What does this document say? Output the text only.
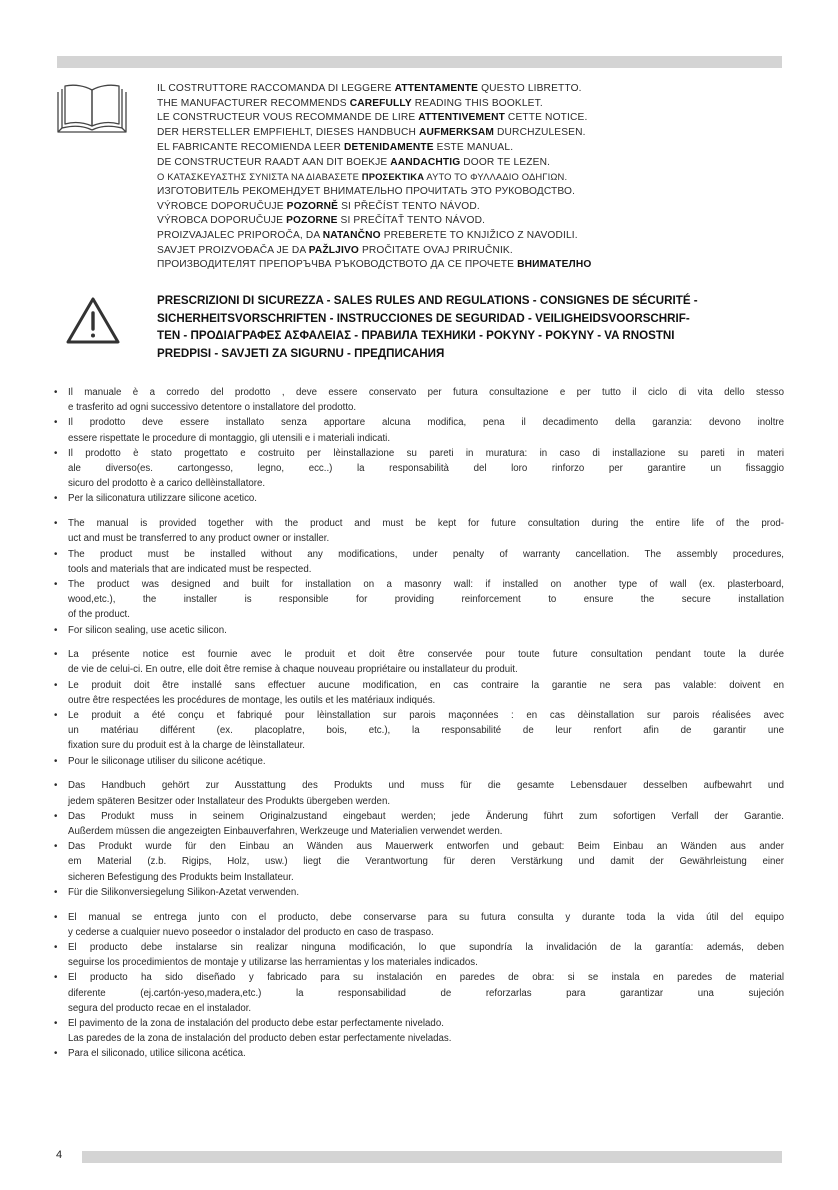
IL COSTRUTTORE RACCOMANDA DI LEGGERE ATTENTAMENTE QUESTO LIBRETTO.
THE MANUFACTURER RECOMMENDS CAREFULLY READING THIS BOOKLET.
LE CONSTRUCTEUR VOUS RECOMMANDE DE LIRE ATTENTIVEMENT CETTE NOTICE.
DER HERSTELLER EMPFIEHLT, DIESES HANDBUCH AUFMERKSAM DURCHZULESEN.
EL FABRICANTE RECOMIENDA LEER DETENIDAMENTE ESTE MANUAL.
DE CONSTRUCTEUR RAADT AAN DIT BOEKJE AANDACHTIG DOOR TE LEZEN.
Ο ΚΑΤΑΣΚΕΥΑΣΤΗΣ ΣΥΝΙΣΤΑ ΝΑ ΔΙΑΒΑΣΕΤΕ ΠΡΟΣΕΚΤΙΚΑ ΑΥΤΟ ΤΟ ΦΥΛΛΑΔΙΟ ΟΔΗΓΙΩΝ.
ИЗГОТОВИТЕЛЬ РЕКОМЕНДУЕТ ВНИМАТЕЛЬНО ПРОЧИТАТЬ ЭТО РУКОВОДСТВО.
VÝROBCE DOPORUČUJE POZORNĚ SI PŘEČÍST TENTO NÁVOD.
VÝROBCA DOPORUČUJE POZORNE SI PREČÍTAŤ TENTO NÁVOD.
PROIZVAJALEC PRIPOROČA, DA NATANČNO PREBERETE TO KNJIŽICO Z NAVODILI.
SAVJET PROIZVOĐAČA JE DA PAŽLJIVO PROČITATE OVAJ PRIRUČNIK.
ПРОИЗВОДИТЕЛЯТ ПРЕПОРЪЧВА РЪКОВОДСТВОТО ДА СЕ ПРОЧЕТЕ ВНИМАТЕЛНО
PRESCRIZIONI DI SICUREZZA - SALES RULES AND REGULATIONS - CONSIGNES DE SÉCURITÉ -
SICHERHEITSVORSCHRIFTEN - INSTRUCCIONES DE SEGURIDAD - VEILIGHEIDSVOORSCHRIF-
TEN - ΠΡΟΔΙΑΓΡΑΦΕΣ ΑΣΦΑΛΕΙΑΣ - ПРАВИЛА ТЕХНИКИ - POKYNY - POKYNY - VA RNOSTNI
PREDPISI - SAVJETI ZA SIGURNU - ПРЕДПИСАНИЯ
•	Il manuale è a corredo del prodotto , deve essere conservato per futura consultazione e per tutto il ciclo di vita dello stesso
e trasferito ad ogni successivo detentore o installatore del prodotto.
•	Il prodotto deve essere installato senza apportare alcuna modifica, pena il decadimento della garanzia: devono inoltre
essere rispettate le procedure di montaggio, gli utensili e i materiali indicati.
•	Il prodotto è stato progettato e costruito per lèinstallazione su pareti in muratura: in caso di installazione su pareti in materi
ale diverso(es. cartongesso, legno, ecc..) la responsabilità del loro rinforzo per garantire un fissaggio
sicuro del prodotto è a carico dellèinstallatore.
•	Per la siliconatura utilizzare silicone acetico.
•	The manual is provided together with the product and must be kept for future consultation during the entire life of the prod-
uct and must be transferred to any product owner or installer.
•	The product must be installed without any modifications, under penalty of warranty cancellation. The assembly procedures,
tools and materials that are indicated must be respected.
•	The product was designed and built for installation on a masonry wall: if installed on another type of wall (ex. plasterboard,
wood,etc.), the installer is responsible for providing reinforcement to ensure the secure installation
of the product.
•	For silicon sealing, use acetic silicon.
•	La présente notice est fournie avec le produit et doit être conservée pour toute future consultation pendant toute la durée
de vie de celui-ci. En outre, elle doit être remise à chaque nouveau propriétaire ou installateur du produit.
•	Le produit doit être installé sans effectuer aucune modification, en cas contraire la garantie ne sera pas valable: doivent en
outre être respectées les procédures de montage, les outils et les matériaux indiqués.
•	Le produit a été conçu et fabriqué pour lèinstallation sur parois maçonnées : en cas dèinstallation sur parois réalisées avec
un matériau différent (ex. placoplatre, bois, etc.), la responsabilité de leur renfort afin de garantir une
fixation sure du produit est à la charge de lèinstallateur.
•	Pour le siliconage utiliser du silicone acétique.
•	Das Handbuch gehört zur Ausstattung des Produkts und muss für die gesamte Lebensdauer desselben aufbewahrt und
jedem späteren Besitzer oder Installateur des Produkts übergeben werden.
•	Das Produkt muss in seinem Originalzustand eingebaut werden; jede Änderung führt zum sofortigen Verfall der Garantie.
Außerdem müssen die angezeigten Einbauverfahren, Werkzeuge und Materialien verwendet werden.
•	Das Produkt wurde für den Einbau an Wänden aus Mauerwerk entworfen und gebaut: Beim Einbau an Wänden aus ander
em Material (z.b. Rigips, Holz, usw.) liegt die Verantwortung für deren Verstärkung und damit der Gewährleistung einer
sicheren Befestigung des Produkts beim Installateur.
•	Für die Silikonversiegelung Silikon-Azetat verwenden.
•	El manual se entrega junto con el producto, debe conservarse para su futura consulta y durante toda la vida útil del equipo
y cederse a cualquier nuevo poseedor o instalador del producto en caso de traspaso.
•	El producto debe instalarse sin realizar ninguna modificación, lo que supondría la invalidación de la garantía: además, deben
seguirse los procedimientos de montaje y utilizarse las herramientas y los materiales indicados.
•	El producto ha sido diseñado y fabricado para su instalación en paredes de obra: si se instala en paredes de material
diferente (ej.cartón-yeso,madera,etc.) la responsabilidad de reforzarlas para garantizar una sujeción
segura del producto recae en el instalador.
•	El pavimento de la zona de instalación del producto debe estar perfectamente nivelado.
Las paredes de la zona de instalación del producto deben estar perfectamente niveladas.
•	Para el siliconado, utilice silicona acética.
4
